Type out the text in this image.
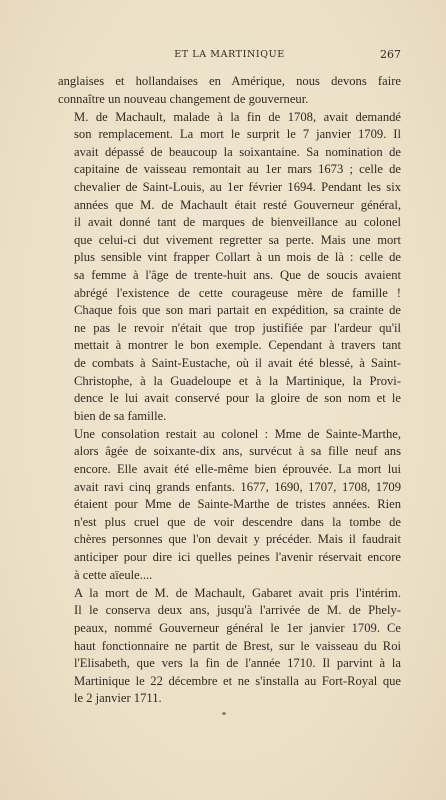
ET LA MARTINIQUE	267

anglaises et hollandaises en Amérique, nous devons faire
connaître un nouveau changement de gouverneur.

M. de Machault, malade à la fin de 1708, avait demandé
son remplacement. La mort le surprit le 7 janvier 1709. Il
avait dépassé de beaucoup la soixantaine. Sa nomination de
capitaine de vaisseau remontait au 1er mars 1673 ; celle de
chevalier de Saint-Louis, au 1er février 1694. Pendant les six
années que M. de Machault était resté Gouverneur général,
il avait donné tant de marques de bienveillance au colonel
que celui-ci dut vivement regretter sa perte. Mais une mort
plus sensible vint frapper Collart à un mois de là : celle de
sa femme à l'âge de trente-huit ans. Que de soucis avaient
abrégé l'existence de cette courageuse mère de famille !
Chaque fois que son mari partait en expédition, sa crainte de
ne pas le revoir n'était que trop justifiée par l'ardeur qu'il
mettait à montrer le bon exemple. Cependant à travers tant
de combats à Saint-Eustache, où il avait été blessé, à Saint-
Christophe, à la Guadeloupe et à la Martinique, la Provi-
dence le lui avait conservé pour la gloire de son nom et le
bien de sa famille.

Une consolation restait au colonel : Mme de Sainte-Marthe,
alors âgée de soixante-dix ans, survécut à sa fille neuf ans
encore. Elle avait été elle-même bien éprouvée. La mort lui
avait ravi cinq grands enfants. 1677, 1690, 1707, 1708, 1709
étaient pour Mme de Sainte-Marthe de tristes années. Rien
n'est plus cruel que de voir descendre dans la tombe de
chères personnes que l'on devait y précéder. Mais il faudrait
anticiper pour dire ici quelles peines l'avenir réservait encore
à cette aïeule....

A la mort de M. de Machault, Gabaret avait pris l'intérim.
Il le conserva deux ans, jusqu'à l'arrivée de M. de Phely-
peaux, nommé Gouverneur général le 1er janvier 1709. Ce
haut fonctionnaire ne partit de Brest, sur le vaisseau du Roi
l'Elisabeth, que vers la fin de l'année 1710. Il parvint à la
Martinique le 22 décembre et ne s'installa au Fort-Royal que
le 2 janvier 1711.
